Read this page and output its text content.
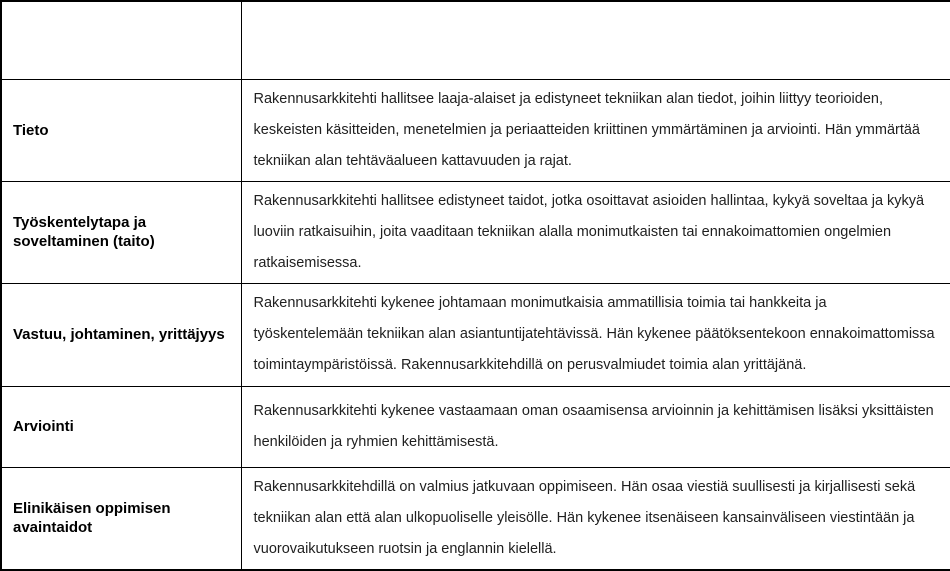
Osaamisen osa-alue	Osaaminen tasolla 6
Tieto	Rakennusarkkitehti hallitsee laaja-alaiset ja edistyneet tekniikan alan tiedot, joihin liittyy teorioiden, keskeisten käsitteiden, menetelmien ja periaatteiden kriittinen ymmärtäminen ja arviointi. Hän ymmärtää tekniikan alan tehtäväalueen kattavuuden ja rajat.
Työskentelytapa ja soveltaminen (taito)	Rakennusarkkitehti hallitsee edistyneet taidot, jotka osoittavat asioiden hallintaa, kykyä soveltaa ja kykyä luoviin ratkaisuihin, joita vaaditaan tekniikan alalla monimutkaisten tai ennakoimattomien ongelmien ratkaisemisessa.
Vastuu, johtaminen, yrittäjyys	Rakennusarkkitehti kykenee johtamaan monimutkaisia ammatillisia toimia tai hankkeita ja työskentelemään tekniikan alan asiantuntijatehtävissä. Hän kykenee päätöksentekoon ennakoimattomissa toimintaympäristöissä. Rakennusarkkitehdillä on perusvalmiudet toimia alan yrittäjänä.
Arviointi	Rakennusarkkitehti kykenee vastaamaan oman osaamisensa arvioinnin ja kehittämisen lisäksi yksittäisten henkilöiden ja ryhmien kehittämisestä.
Elinikäisen oppimisen avaintaidot	Rakennusarkkitehdillä on valmius jatkuvaan oppimiseen. Hän osaa viestiä suullisesti ja kirjallisesti sekä tekniikan alan että alan ulkopuoliselle yleisölle. Hän kykenee itsenäiseen kansainväliseen viestintään ja vuorovaikutukseen ruotsin ja englannin kielellä.
